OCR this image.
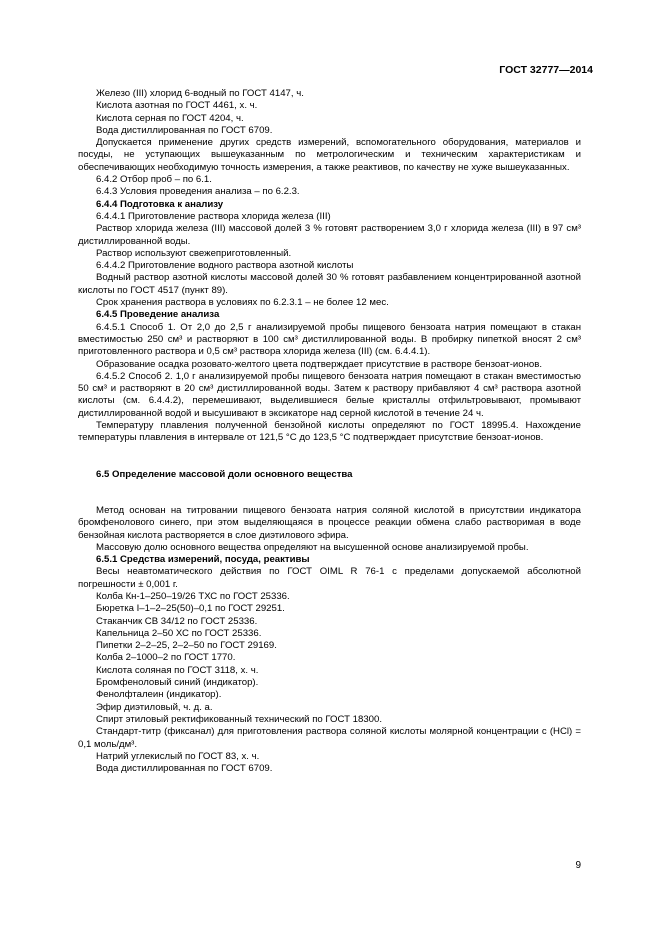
ГОСТ 32777—2014

Железо (III) хлорид 6-водный по ГОСТ 4147, ч.

Кислота азотная по ГОСТ 4461, х. ч.

Кислота серная по ГОСТ 4204, ч.

Вода дистиллированная по ГОСТ 6709.

Допускается применение других средств измерений, вспомогательного оборудования, материалов и посуды, не уступающих вышеуказанным по метрологическим и техническим характеристикам и обеспечивающих необходимую точность измерения, а также реактивов, по качеству не хуже вышеуказанных.

6.4.2 Отбор проб – по 6.1.

6.4.3 Условия проведения анализа – по 6.2.3.

6.4.4 Подготовка к анализу

6.4.4.1 Приготовление раствора хлорида железа (III)

Раствор хлорида железа (III) массовой долей 3 % готовят растворением 3,0 г хлорида железа (III) в 97 см³ дистиллированной воды.

Раствор используют свежеприготовленный.

6.4.4.2 Приготовление водного раствора азотной кислоты

Водный раствор азотной кислоты массовой долей 30 % готовят разбавлением концентрированной азотной кислоты по ГОСТ 4517 (пункт 89).

Срок хранения раствора в условиях по 6.2.3.1 – не более 12 мес.

6.4.5 Проведение анализа

6.4.5.1 Способ 1. От 2,0 до 2,5 г анализируемой пробы пищевого бензоата натрия помещают в стакан вместимостью 250 см³ и растворяют в 100 см³ дистиллированной воды. В пробирку пипеткой вносят 2 см³ приготовленного раствора и 0,5 см³ раствора хлорида железа (III) (см. 6.4.4.1).

Образование осадка розовато-желтого цвета подтверждает присутствие в растворе бензоат-ионов.

6.4.5.2 Способ 2. 1,0 г анализируемой пробы пищевого бензоата натрия помещают в стакан вместимостью 50 см³ и растворяют в 20 см³ дистиллированной воды. Затем к раствору прибавляют 4 см³ раствора азотной кислоты (см. 6.4.4.2), перемешивают, выделившиеся белые кристаллы отфильтровывают, промывают дистиллированной водой и высушивают в эксикаторе над серной кислотой в течение 24 ч.

Температуру плавления полученной бензойной кислоты определяют по ГОСТ 18995.4. Нахождение температуры плавления в интервале от 121,5 °С до 123,5 °С подтверждает присутствие бензоат-ионов.

6.5 Определение массовой доли основного вещества

Метод основан на титровании пищевого бензоата натрия соляной кислотой в присутствии индикатора бромфенолового синего, при этом выделяющаяся в процессе реакции обмена слабо растворимая в воде бензойная кислота растворяется в слое диэтилового эфира.

Массовую долю основного вещества определяют на высушенной основе анализируемой пробы.

6.5.1 Средства измерений, посуда, реактивы

Весы неавтоматического действия по ГОСТ OIML R 76-1 с пределами допускаемой абсолютной погрешности ± 0,001 г.

Колба Кн-1–250–19/26 ТХС по ГОСТ 25336.

Бюретка I–1–2–25(50)–0,1 по ГОСТ 29251.

Стаканчик СВ 34/12 по ГОСТ 25336.

Капельница 2–50 ХС по ГОСТ 25336.

Пипетки 2–2–25, 2–2–50 по ГОСТ 29169.

Колба 2–1000–2 по ГОСТ 1770.

Кислота соляная по ГОСТ 3118, х. ч.

Бромфеноловый синий (индикатор).

Фенолфталеин (индикатор).

Эфир диэтиловый, ч. д. а.

Спирт этиловый ректификованный технический по ГОСТ 18300.

Стандарт-титр (фиксанал) для приготовления раствора соляной кислоты молярной концентрации c (HCl) = 0,1 моль/дм³.

Натрий углекислый по ГОСТ 83, х. ч.

Вода дистиллированная по ГОСТ 6709.

9
